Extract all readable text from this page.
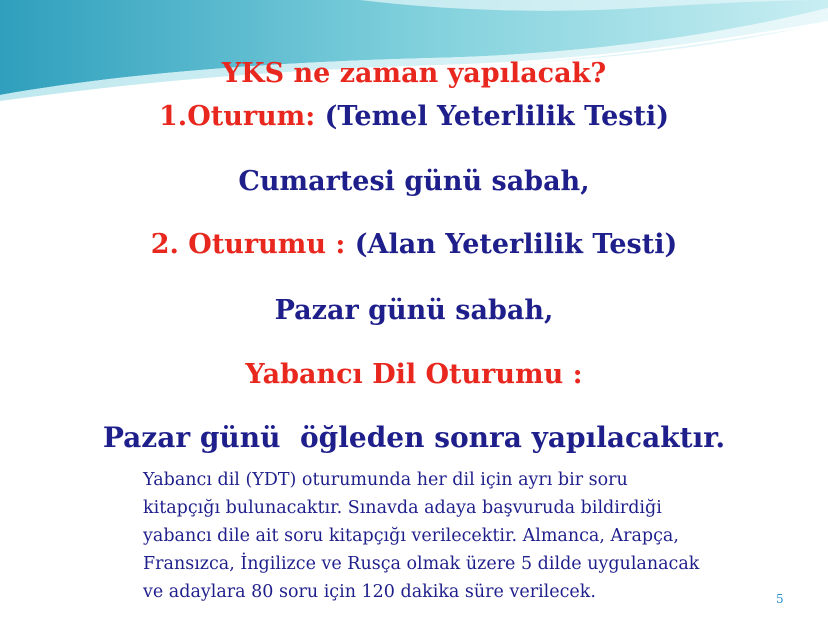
YKS ne zaman yapılacak?
1.Oturum: (Temel Yeterlilik Testi)
Cumartesi günü sabah,
2. Oturumu : (Alan Yeterlilik Testi)
Pazar günü sabah,
Yabancı Dil Oturumu :
Pazar günü  öğleden sonra yapılacaktır.
Yabancı dil (YDT) oturumunda her dil için ayrı bir soru kitapçığı bulunacaktır. Sınavda adaya başvuruda bildirdiği yabancı dile ait soru kitapçığı verilecektir. Almanca, Arapça, Fransızca, İngilizce ve Rusça olmak üzere 5 dilde uygulanacak ve adaylara 80 soru için 120 dakika süre verilecek.	5
